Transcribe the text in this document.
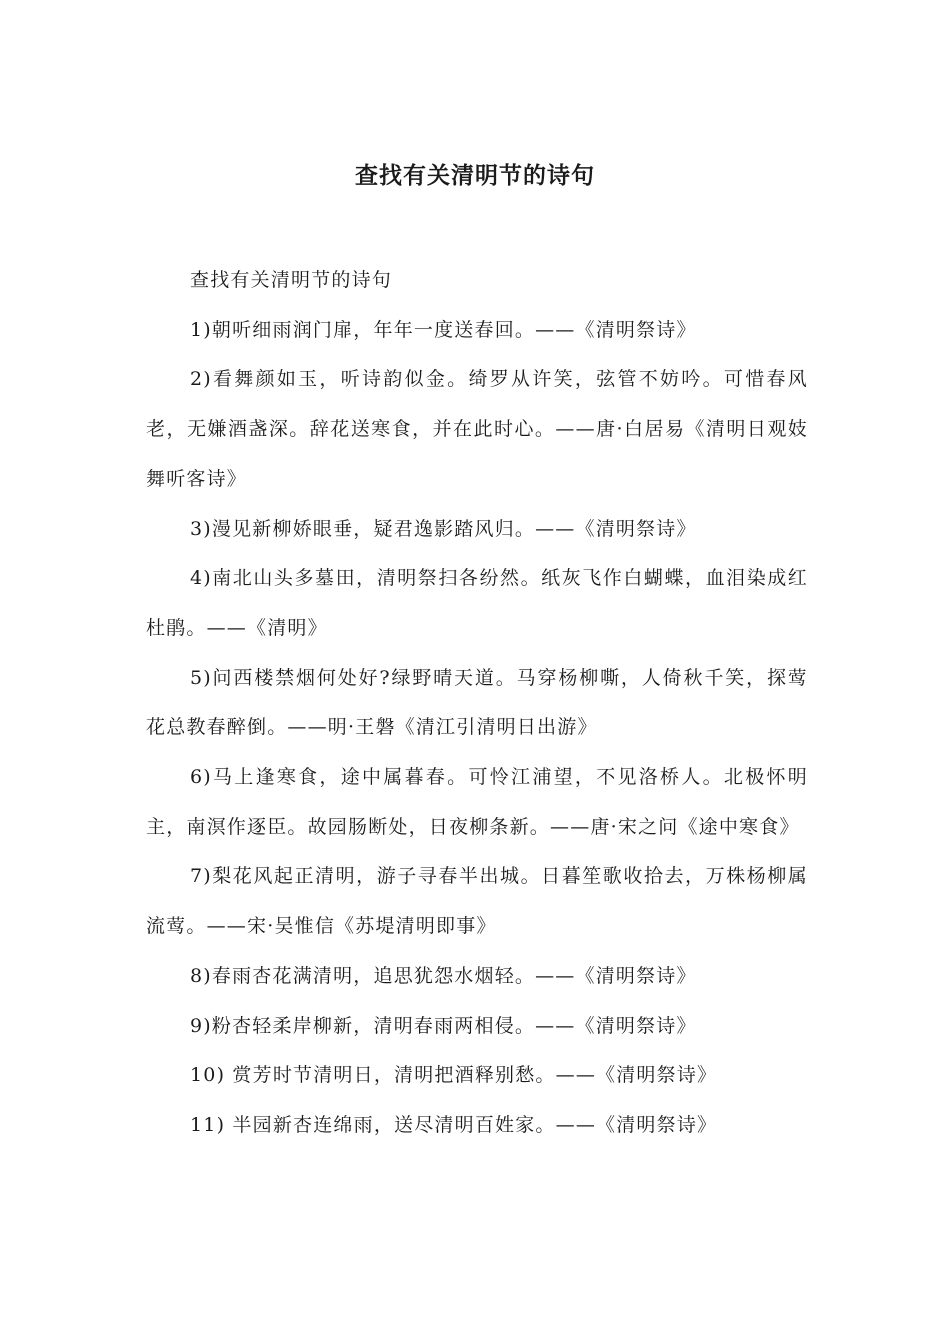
查找有关清明节的诗句

查找有关清明节的诗句

1)朝听细雨润门扉，年年一度送春回。——《清明祭诗》

2)看舞颜如玉，听诗韵似金。绮罗从许笑，弦管不妨吟。可惜春风老，无嫌酒盏深。辞花送寒食，并在此时心。——唐·白居易《清明日观妓舞听客诗》

3)漫见新柳娇眼垂，疑君逸影踏风归。——《清明祭诗》

4)南北山头多墓田，清明祭扫各纷然。纸灰飞作白蝴蝶，血泪染成红杜鹃。——《清明》

5)问西楼禁烟何处好?绿野晴天道。马穿杨柳嘶，人倚秋千笑，探莺花总教春醉倒。——明·王磐《清江引清明日出游》

6)马上逢寒食，途中属暮春。可怜江浦望，不见洛桥人。北极怀明主，南溟作逐臣。故园肠断处，日夜柳条新。——唐·宋之问《途中寒食》

7)梨花风起正清明，游子寻春半出城。日暮笙歌收拾去，万株杨柳属流莺。——宋·吴惟信《苏堤清明即事》

8)春雨杏花满清明，追思犹怨水烟轻。——《清明祭诗》

9)粉杏轻柔岸柳新，清明春雨两相侵。——《清明祭诗》

10) 赏芳时节清明日，清明把酒释别愁。——《清明祭诗》

11) 半园新杏连绵雨，送尽清明百姓家。——《清明祭诗》
